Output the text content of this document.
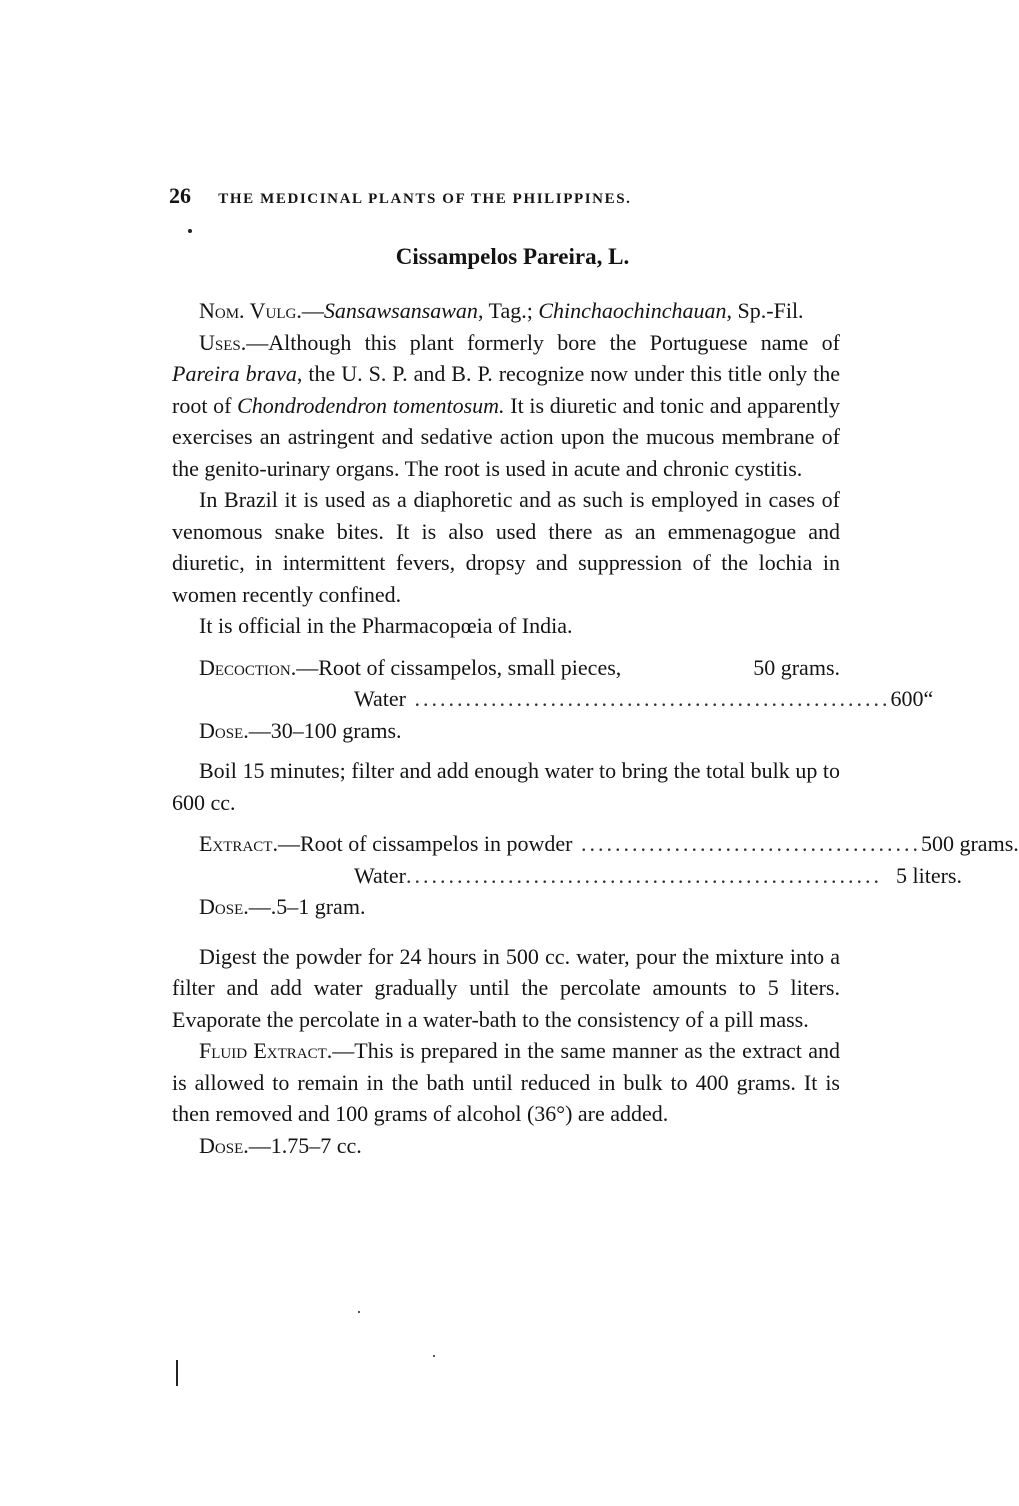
26 THE MEDICINAL PLANTS OF THE PHILIPPINES.
Cissampelos Pareira, L.

Nom. Vulg.—Sansawsansawan, Tag.; Chinchaochinchauan, Sp.-Fil.

Uses.—Although this plant formerly bore the Portuguese name of Pareira brava, the U. S. P. and B. P. recognize now under this title only the root of Chondrodendron tomentosum. It is diuretic and tonic and apparently exercises an astringent and sedative action upon the mucous membrane of the genito-urinary organs. The root is used in acute and chronic cystitis.

In Brazil it is used as a diaphoretic and as such is employed in cases of venomous snake bites. It is also used there as an emmenagogue and diuretic, in intermittent fevers, dropsy and suppression of the lochia in women recently confined.

It is official in the Pharmacopœia of India.

Decoction.—Root of cissampelos, small pieces,	50 grams.
Water ........................................................ 600 “

Dose.—30–100 grams.

Boil 15 minutes; filter and add enough water to bring the total bulk up to 600 cc.

Extract.—Root of cissampelos in powder ........................................ 500 grams.
Water ........................................................ 5 liters.

Dose.—.5–1 gram.

Digest the powder for 24 hours in 500 cc. water, pour the mixture into a filter and add water gradually until the percolate amounts to 5 liters. Evaporate the percolate in a water-bath to the consistency of a pill mass.

Fluid Extract.—This is prepared in the same manner as the extract and is allowed to remain in the bath until reduced in bulk to 400 grams. It is then removed and 100 grams of alcohol (36°) are added.

Dose.—1.75–7 cc.
